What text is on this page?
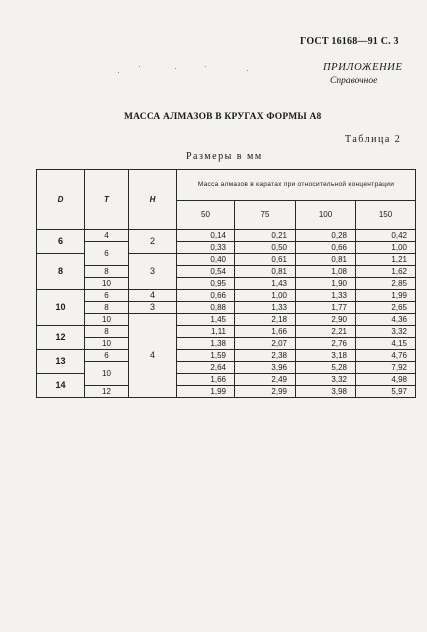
ГОСТ 16168—91 С. 3
ПРИЛОЖЕНИЕ
Справочное
МАССА АЛМАЗОВ В КРУГАХ ФОРМЫ А8
Таблица 2
Размеры в мм
D	T	H	Масса алмазов в каратах при относительной концентрации			
			50	75	100	150
6	4	2	0,14	0,21	0,28	0,42
	6		0,33	0,50	0,66	1,00
8		3	0,40	0,61	0,81	1,21
	8		0,54	0,81	1,08	1,62
	10		0,95	1,43	1,90	2,85
10	6	4	0,66	1,00	1,33	1,99
	8	3	0,88	1,33	1,77	2,65
	10	4	1,45	2,18	2,90	4,36
12	8		1,11	1,66	2,21	3,32
	10		1,38	2,07	2,76	4,15
13	6		1,59	2,38	3,18	4,76
	10		2,64	3,96	5,28	7,92
14			1,66	2,49	3,32	4,98
	12		1,99	2,99	3,98	5,97
